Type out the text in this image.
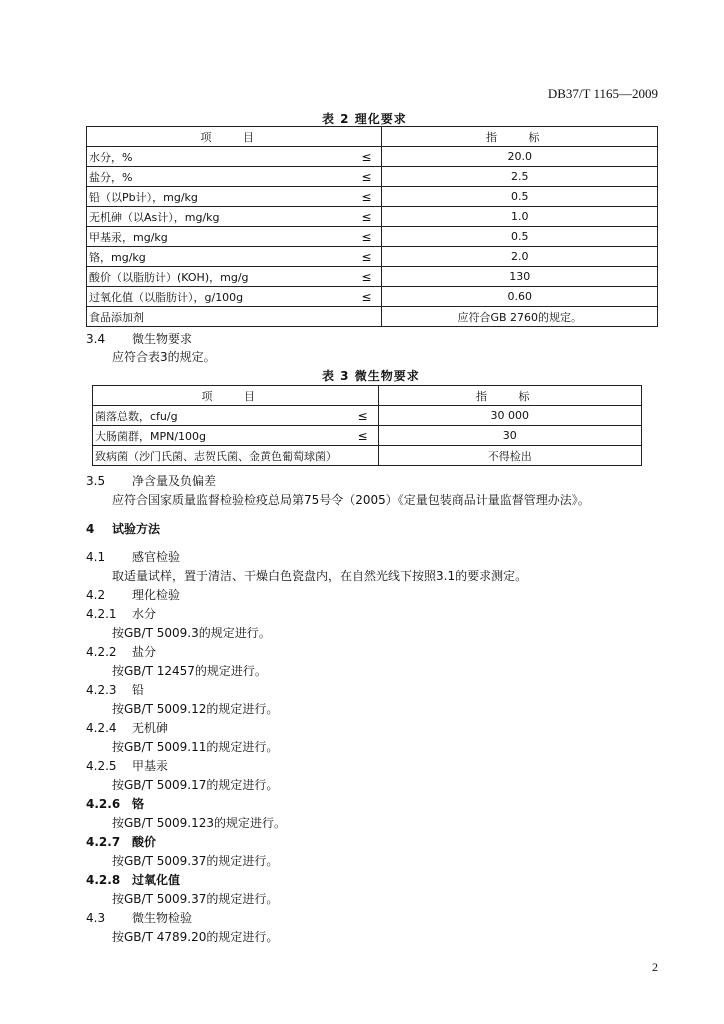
DB37/T 1165—2009
表 2 理化要求
项 目	指 标
水分，% ≤	20.0
盐分，% ≤	2.5
铅（以Pb计），mg/kg ≤	0.5
无机砷（以As计），mg/kg ≤	1.0
甲基汞，mg/kg ≤	0.5
铬，mg/kg ≤	2.0
酸价（以脂肪计）(KOH)，mg/g ≤	130
过氧化值（以脂肪计），g/100g ≤	0.60
食品添加剂	应符合GB 2760的规定。
3.4 微生物要求
应符合表3的规定。
表 3 微生物要求
项 目	指 标
菌落总数，cfu/g ≤	30 000
大肠菌群，MPN/100g ≤	30
致病菌（沙门氏菌、志贺氏菌、金黄色葡萄球菌）	不得检出
3.5 净含量及负偏差
应符合国家质量监督检验检疫总局第75号令（2005）《定量包装商品计量监督管理办法》。
4 试验方法
4.1 感官检验
取适量试样，置于清洁、干燥白色瓷盘内，在自然光线下按照3.1的要求测定。
4.2 理化检验
4.2.1 水分
按GB/T 5009.3的规定进行。
4.2.2 盐分
按GB/T 12457的规定进行。
4.2.3 铅
按GB/T 5009.12的规定进行。
4.2.4 无机砷
按GB/T 5009.11的规定进行。
4.2.5 甲基汞
按GB/T 5009.17的规定进行。
4.2.6 铬
按GB/T 5009.123的规定进行。
4.2.7 酸价
按GB/T 5009.37的规定进行。
4.2.8 过氧化值
按GB/T 5009.37的规定进行。
4.3 微生物检验
按GB/T 4789.20的规定进行。
2
